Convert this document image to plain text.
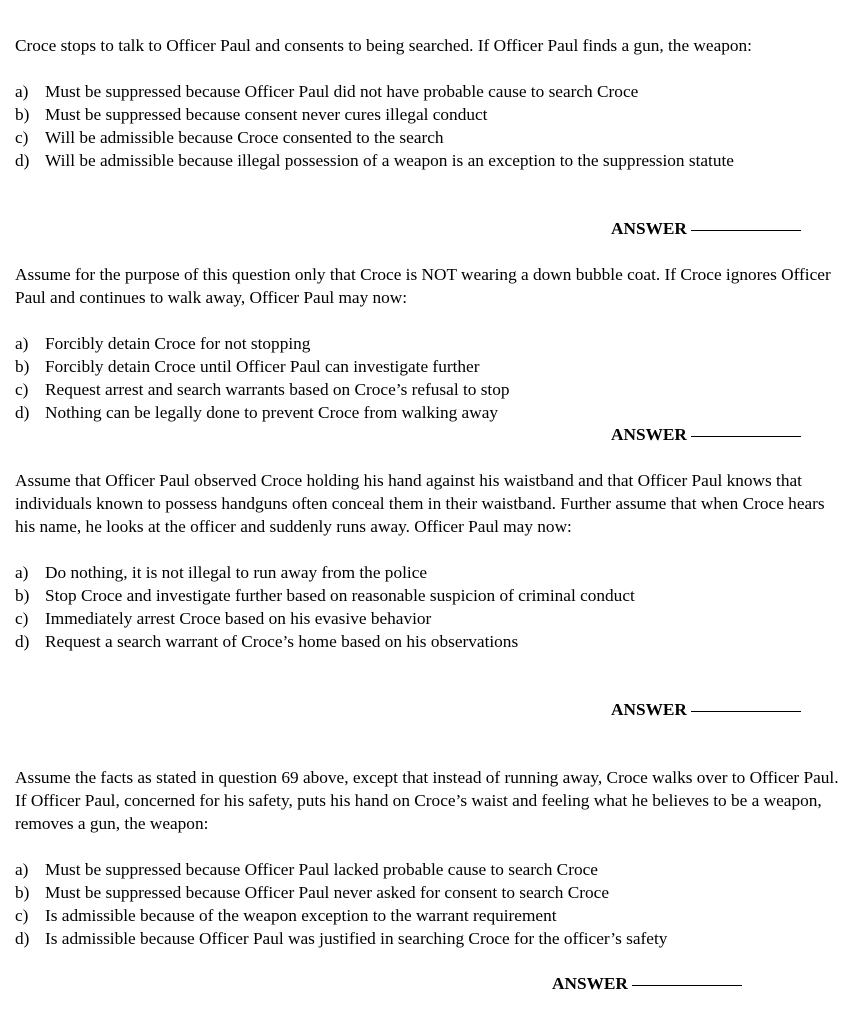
Croce stops to talk to Officer Paul and consents to being searched. If Officer Paul finds a gun, the weapon:

a) Must be suppressed because Officer Paul did not have probable cause to search Croce
b) Must be suppressed because consent never cures illegal conduct
c) Will be admissible because Croce consented to the search
d) Will be admissible because illegal possession of a weapon is an exception to the suppression statute
ANSWER

Assume for the purpose of this question only that Croce is NOT wearing a down bubble coat. If Croce ignores Officer Paul and continues to walk away, Officer Paul may now:

a) Forcibly detain Croce for not stopping
b) Forcibly detain Croce until Officer Paul can investigate further
c) Request arrest and search warrants based on Croce’s refusal to stop
d) Nothing can be legally done to prevent Croce from walking away
ANSWER

Assume that Officer Paul observed Croce holding his hand against his waistband and that Officer Paul knows that individuals known to possess handguns often conceal them in their waistband. Further assume that when Croce hears his name, he looks at the officer and suddenly runs away. Officer Paul may now:

a) Do nothing, it is not illegal to run away from the police
b) Stop Croce and investigate further based on reasonable suspicion of criminal conduct
c) Immediately arrest Croce based on his evasive behavior
d) Request a search warrant of Croce’s home based on his observations
ANSWER

Assume the facts as stated in question 69 above, except that instead of running away, Croce walks over to Officer Paul. If Officer Paul, concerned for his safety, puts his hand on Croce’s waist and feeling what he believes to be a weapon, removes a gun, the weapon:

a) Must be suppressed because Officer Paul lacked probable cause to search Croce
b) Must be suppressed because Officer Paul never asked for consent to search Croce
c) Is admissible because of the weapon exception to the warrant requirement
d) Is admissible because Officer Paul was justified in searching Croce for the officer’s safety
ANSWER
